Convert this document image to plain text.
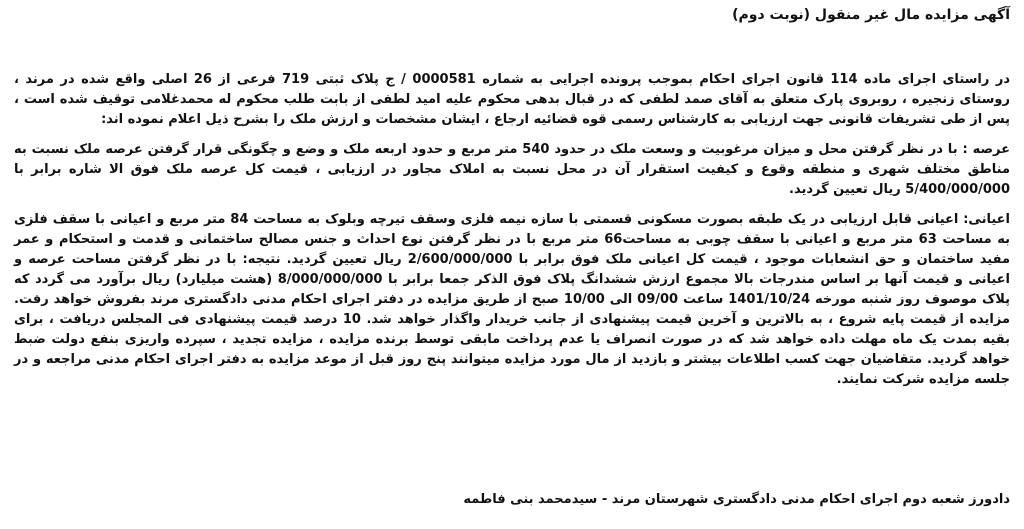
آگهی مزایده مال غیر منقول (نوبت دوم)

در راستای اجرای ماده 114 قانون اجرای احکام بموجب پرونده اجرایی به شماره 0000581 / ج پلاک ثبتی 719 فرعی از 26 اصلی واقع شده در مرند ، روستای زنجیره ، روبروی پارک متعلق به آقای صمد لطفی که در قبال بدهی محکوم علیه امید لطفی از بابت طلب محکوم له محمدغلامی توقیف شده است ، پس از طی تشریفات قانونی جهت ارزیابی به کارشناس رسمی قوه قضائیه ارجاع ، ایشان مشخصات و ارزش ملک را بشرح ذیل اعلام نموده اند:

عرصه : با در نظر گرفتن محل و میزان مرغوبیت و وسعت ملک در حدود 540 متر مربع و حدود اربعه ملک و وضع و چگونگی قرار گرفتن عرصه ملک نسبت به مناطق مختلف شهری و منطقه وقوع و کیفیت استقرار آن در محل نسبت به املاک مجاور در ارزیابی ، قیمت کل عرصه ملک فوق الا شاره برابر با 5/400/000/000 ریال تعیین گردید.

اعیانی: اعیانی قابل ارزیابی در یک طبقه بصورت مسکونی قسمتی با سازه نیمه فلزی وسقف تیرچه وبلوک به مساحت 84 متر مربع و اعیانی با سقف فلزی به مساحت 63 متر مربع و اعیانی با سقف چوبی به مساحت66 متر مربع با در نظر گرفتن نوع احداث و جنس مصالح ساختمانی و قدمت و استحکام و عمر مفید ساختمان و حق انشعابات موجود ، قیمت کل اعیانی ملک فوق برابر با 2/600/000/000 ریال تعیین گردید. نتیجه: با در نظر گرفتن مساحت عرصه و اعیانی و قیمت آنها بر اساس مندرجات بالا مجموع ارزش ششدانگ پلاک فوق الذکر جمعا برابر با 8/000/000/000 (هشت میلیارد) ریال برآورد می گردد که پلاک موصوف روز شنبه مورخه 1401/10/24 ساعت 09/00 الی 10/00 صبح از طریق مزایده در دفتر اجرای احکام مدنی دادگستری مرند بفروش خواهد رفت. مزایده از قیمت پایه شروع ، به بالاترین و آخرین قیمت پیشنهادی از جانب خریدار واگذار خواهد شد. 10 درصد قیمت پیشنهادی فی المجلس دریافت ، برای بقیه بمدت یک ماه مهلت داده خواهد شد که در صورت انصراف یا عدم پرداخت مابقی توسط برنده مزایده ، مزایده تجدید ، سپرده واریزی بنفع دولت ضبط خواهد گردید. متقاضیان جهت کسب اطلاعات بیشتر و بازدید از مال مورد مزایده میتوانند پنج روز قبل از موعد مزایده به دفتر اجرای احکام مدنی مراجعه و در جلسه مزایده شرکت نمایند.

دادورز شعبه دوم اجرای احکام مدنی دادگستری شهرستان مرند - سیدمحمد بنی فاطمه
